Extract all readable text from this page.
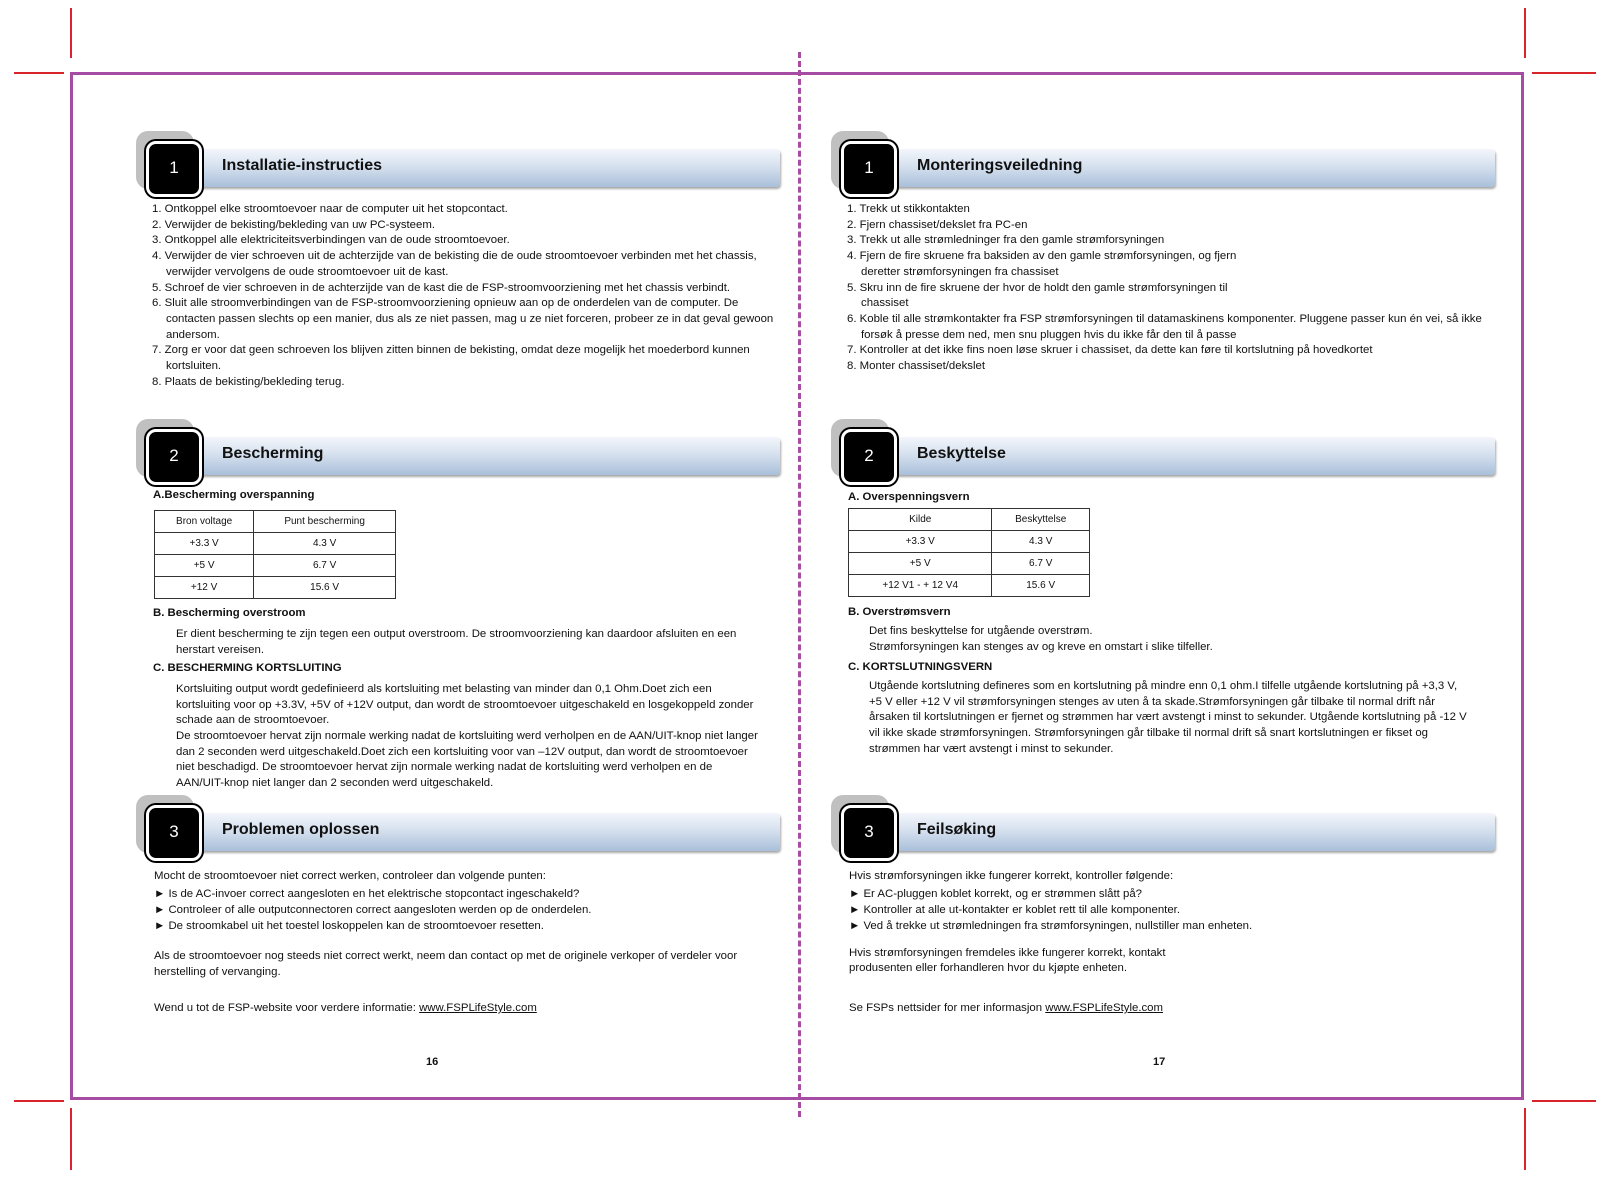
1	Installatie-instructies
1. Ontkoppel elke stroomtoevoer naar de computer uit het stopcontact.
2. Verwijder de bekisting/bekleding van uw PC-systeem.
3. Ontkoppel alle elektriciteitsverbindingen van de oude stroomtoevoer.
4. Verwijder de vier schroeven uit de achterzijde van de bekisting die de oude stroomtoevoer verbinden met het chassis, verwijder vervolgens de oude stroomtoevoer uit de kast.
5. Schroef de vier schroeven in de achterzijde van de kast die de FSP-stroomvoorziening met het chassis verbindt.
6. Sluit alle stroomverbindingen van de FSP-stroomvoorziening opnieuw aan op de onderdelen van de computer. De contacten passen slechts op een manier, dus als ze niet passen, mag u ze niet forceren, probeer ze in dat geval gewoon andersom.
7. Zorg er voor dat geen schroeven los blijven zitten binnen de bekisting, omdat deze mogelijk het moederbord kunnen kortsluiten.
8. Plaats de bekisting/bekleding terug.
2	Bescherming
A.Bescherming overspanning
Bron voltage	Punt bescherming
+3.3 V	4.3 V
+5 V	6.7 V
+12 V	15.6 V
B. Bescherming overstroom

Er dient bescherming te zijn tegen een output overstroom. De stroomvoorziening kan daardoor afsluiten en een herstart vereisen.

C. BESCHERMING KORTSLUITING

Kortsluiting output wordt gedefinieerd als kortsluiting met belasting van minder dan 0,1 Ohm.Doet zich een kortsluiting voor op +3.3V, +5V of +12V output, dan wordt de stroomtoevoer uitgeschakeld en losgekoppeld zonder schade aan de stroomtoevoer.

De stroomtoevoer hervat zijn normale werking nadat de kortsluiting werd verholpen en de AAN/UIT-knop niet langer dan 2 seconden werd uitgeschakeld.Doet zich een kortsluiting voor van –12V output, dan wordt de stroomtoevoer niet beschadigd. De stroomtoevoer hervat zijn normale werking nadat de kortsluiting werd verholpen en de AAN/UIT-knop niet langer dan 2 seconden werd uitgeschakeld.

3	Problemen oplossen

Mocht de stroomtoevoer niet correct werken, controleer dan volgende punten:

► Is de AC-invoer correct aangesloten en het elektrische stopcontact ingeschakeld?
► Controleer of alle outputconnectoren correct aangesloten werden op de onderdelen.
► De stroomkabel uit het toestel loskoppelen kan de stroomtoevoer resetten.

Als de stroomtoevoer nog steeds niet correct werkt, neem dan contact op met de originele verkoper of verdeler voor herstelling of vervanging.

Wend u tot de FSP-website voor verdere informatie: www.FSPLifeStyle.com

16
1	Monteringsveiledning
1. Trekk ut stikkontakten
2. Fjern chassiset/dekslet fra PC-en
3. Trekk ut alle strømledninger fra den gamle strømforsyningen
4. Fjern de fire skruene fra baksiden av den gamle strømforsyningen, og fjern deretter strømforsyningen fra chassiset
5. Skru inn de fire skruene der hvor de holdt den gamle strømforsyningen til chassiset
6. Koble til alle strømkontakter fra FSP strømforsyningen til datamaskinens komponenter. Pluggene passer kun én vei, så ikke forsøk å presse dem ned, men snu pluggen hvis du ikke får den til å passe
7. Kontroller at det ikke fins noen løse skruer i chassiset, da dette kan føre til kortslutning på hovedkortet
8. Monter chassiset/dekslet
2	Beskyttelse
A. Overspenningsvern
Kilde	Beskyttelse
+3.3 V	4.3 V
+5 V	6.7 V
+12 V1 - + 12 V4	15.6 V
B. Overstrømsvern

Det fins beskyttelse for utgående overstrøm.

Strømforsyningen kan stenges av og kreve en omstart i slike tilfeller.

C. KORTSLUTNINGSVERN

Utgående kortslutning defineres som en kortslutning på mindre enn 0,1 ohm.I tilfelle utgående kortslutning på +3,3 V, +5 V eller +12 V vil strømforsyningen stenges av uten å ta skade.Strømforsyningen går tilbake til normal drift når årsaken til kortslutningen er fjernet og strømmen har vært avstengt i minst to sekunder. Utgående kortslutning på -12 V vil ikke skade strømforsyningen. Strømforsyningen går tilbake til normal drift så snart kortslutningen er fikset og strømmen har vært avstengt i minst to sekunder.

3	Feilsøking

Hvis strømforsyningen ikke fungerer korrekt, kontroller følgende:

► Er AC-pluggen koblet korrekt, og er strømmen slått på?
► Kontroller at alle ut-kontakter er koblet rett til alle komponenter.
► Ved å trekke ut strømledningen fra strømforsyningen, nullstiller man enheten.

Hvis strømforsyningen fremdeles ikke fungerer korrekt, kontakt

produsenten eller forhandleren hvor du kjøpte enheten.

Se FSPs nettsider for mer informasjon www.FSPLifeStyle.com

17
